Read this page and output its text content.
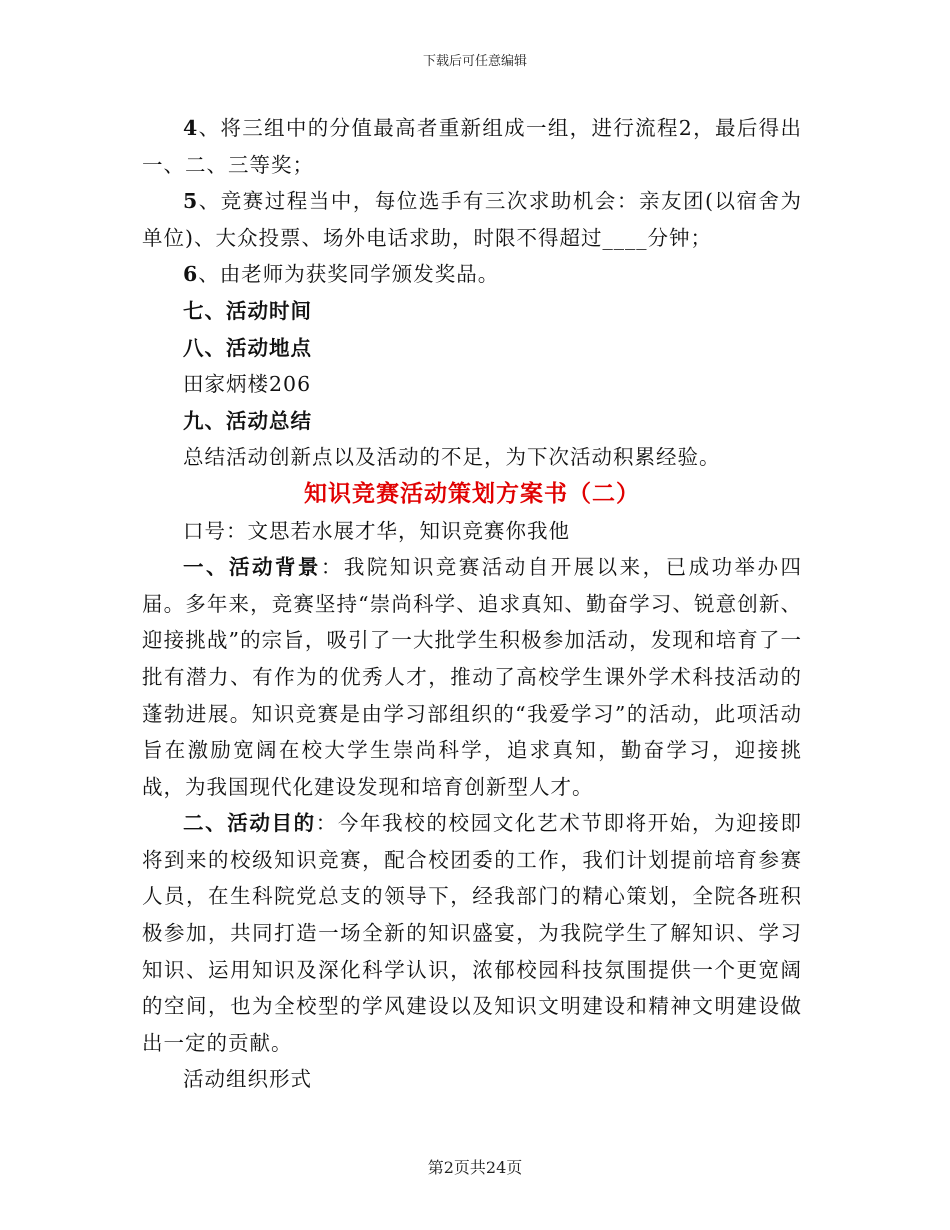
下载后可任意编辑

4、将三组中的分值最高者重新组成一组，进行流程2，最后得出一、二、三等奖；

5、竞赛过程当中，每位选手有三次求助机会：亲友团(以宿舍为单位)、大众投票、场外电话求助，时限不得超过____分钟；

6、由老师为获奖同学颁发奖品。

七、活动时间

八、活动地点

田家炳楼206

九、活动总结

总结活动创新点以及活动的不足，为下次活动积累经验。

知识竞赛活动策划方案书（二）

口号：文思若水展才华，知识竞赛你我他

一、活动背景：我院知识竞赛活动自开展以来，已成功举办四届。多年来，竞赛坚持“崇尚科学、追求真知、勤奋学习、锐意创新、迎接挑战”的宗旨，吸引了一大批学生积极参加活动，发现和培育了一批有潜力、有作为的优秀人才，推动了高校学生课外学术科技活动的蓬勃进展。知识竞赛是由学习部组织的“我爱学习”的活动，此项活动旨在激励宽阔在校大学生崇尚科学，追求真知，勤奋学习，迎接挑战，为我国现代化建设发现和培育创新型人才。

二、活动目的：今年我校的校园文化艺术节即将开始，为迎接即将到来的校级知识竞赛，配合校团委的工作，我们计划提前培育参赛人员，在生科院党总支的领导下，经我部门的精心策划，全院各班积极参加，共同打造一场全新的知识盛宴，为我院学生了解知识、学习知识、运用知识及深化科学认识，浓郁校园科技氛围提供一个更宽阔的空间，也为全校型的学风建设以及知识文明建设和精神文明建设做出一定的贡献。

活动组织形式

第2页共24页
